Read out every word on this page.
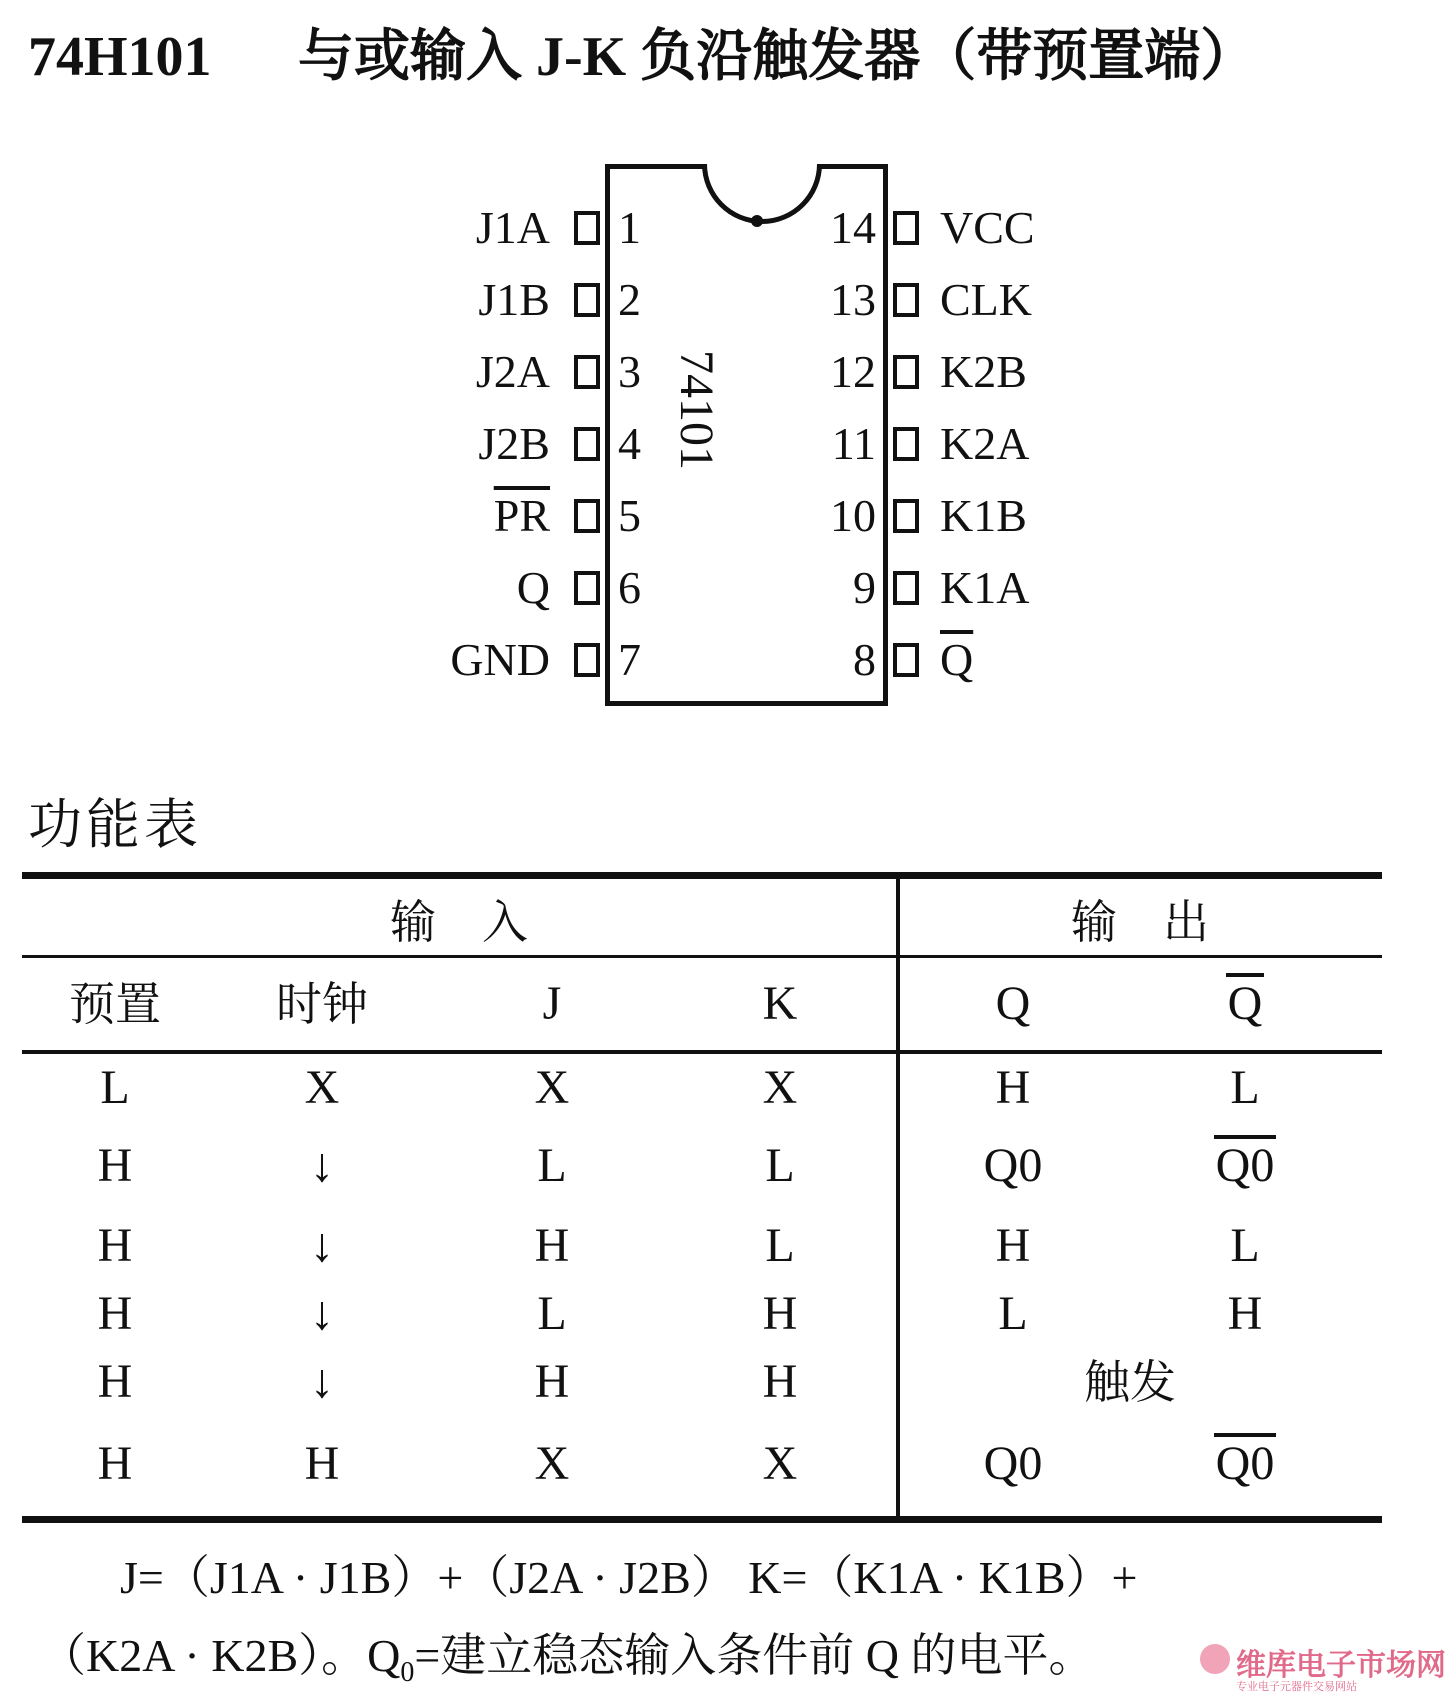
74H101 与或输入 J-K 负沿触发器（带预置端）
74101
1
J1A
2
J1B
3
J2A
4
J2B
5
$\overline{PR}$
6
Q
7
GND
14 VCC
13 CLK
12 K2B
11 K2A
10 K1B
9 K1A
8 $\overline{Q}$
功能表
输　入	输　出
预置	时钟	J	K	Q	Q
L	X	X	X	H	L
H	↓	L	L	Q0	Q0
H	↓	H	L	H	L
H	↓	L	H	L	H
H	↓	H	H	触发
H	H	X	X	Q0	Q0
J=（J1A · J1B）+（J2A · J2B） K=（K1A · K1B）+
（K2A · K2B）。$Q_0=$建立稳态输入条件前 Q 的电平。	维库电子市场网
专业电子元器件交易网站
